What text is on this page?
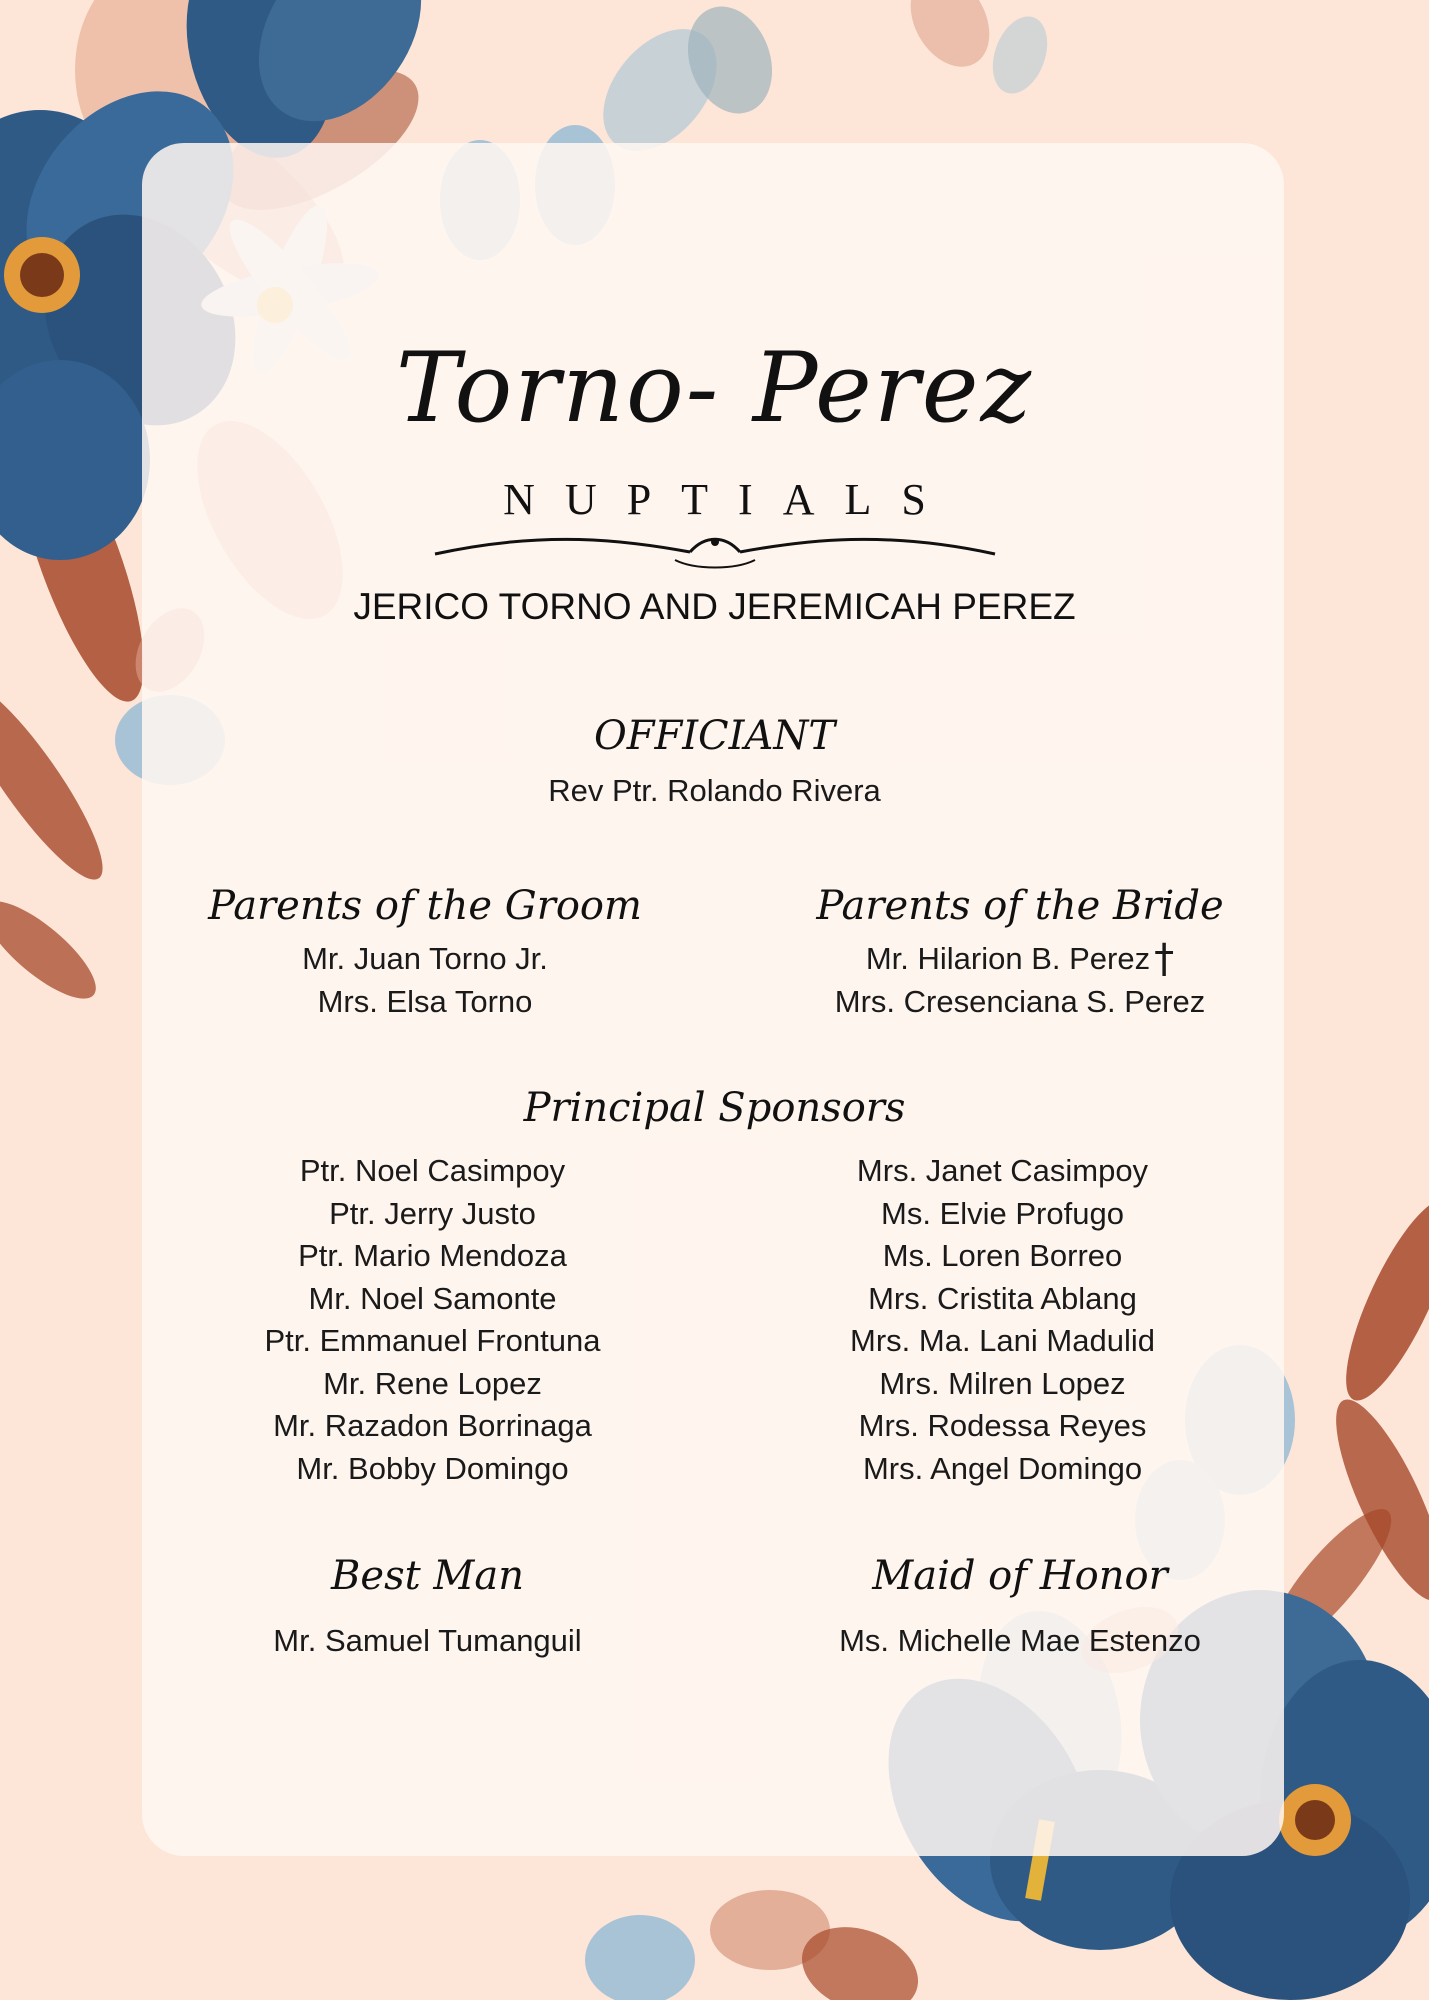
Torno- Perez
NUPTIALS
JERICO TORNO AND JEREMICAH PEREZ
OFFICIANT
Rev Ptr. Rolando Rivera
Parents of the Groom
Mr. Juan Torno Jr.
Mrs. Elsa Torno
Parents of the Bride
Mr. Hilarion B. Perez †
Mrs. Cresenciana S. Perez
Principal Sponsors
Ptr. Noel Casimpoy
Ptr. Jerry Justo
Ptr. Mario Mendoza
Mr. Noel Samonte
Ptr. Emmanuel Frontuna
Mr. Rene Lopez
Mr. Razadon Borrinaga
Mr. Bobby Domingo
Mrs. Janet Casimpoy
Ms. Elvie Profugo
Ms. Loren Borreo
Mrs. Cristita Ablang
Mrs. Ma. Lani Madulid
Mrs. Milren Lopez
Mrs. Rodessa Reyes
Mrs. Angel Domingo
Best Man
Mr. Samuel Tumanguil
Maid of Honor
Ms. Michelle Mae Estenzo
